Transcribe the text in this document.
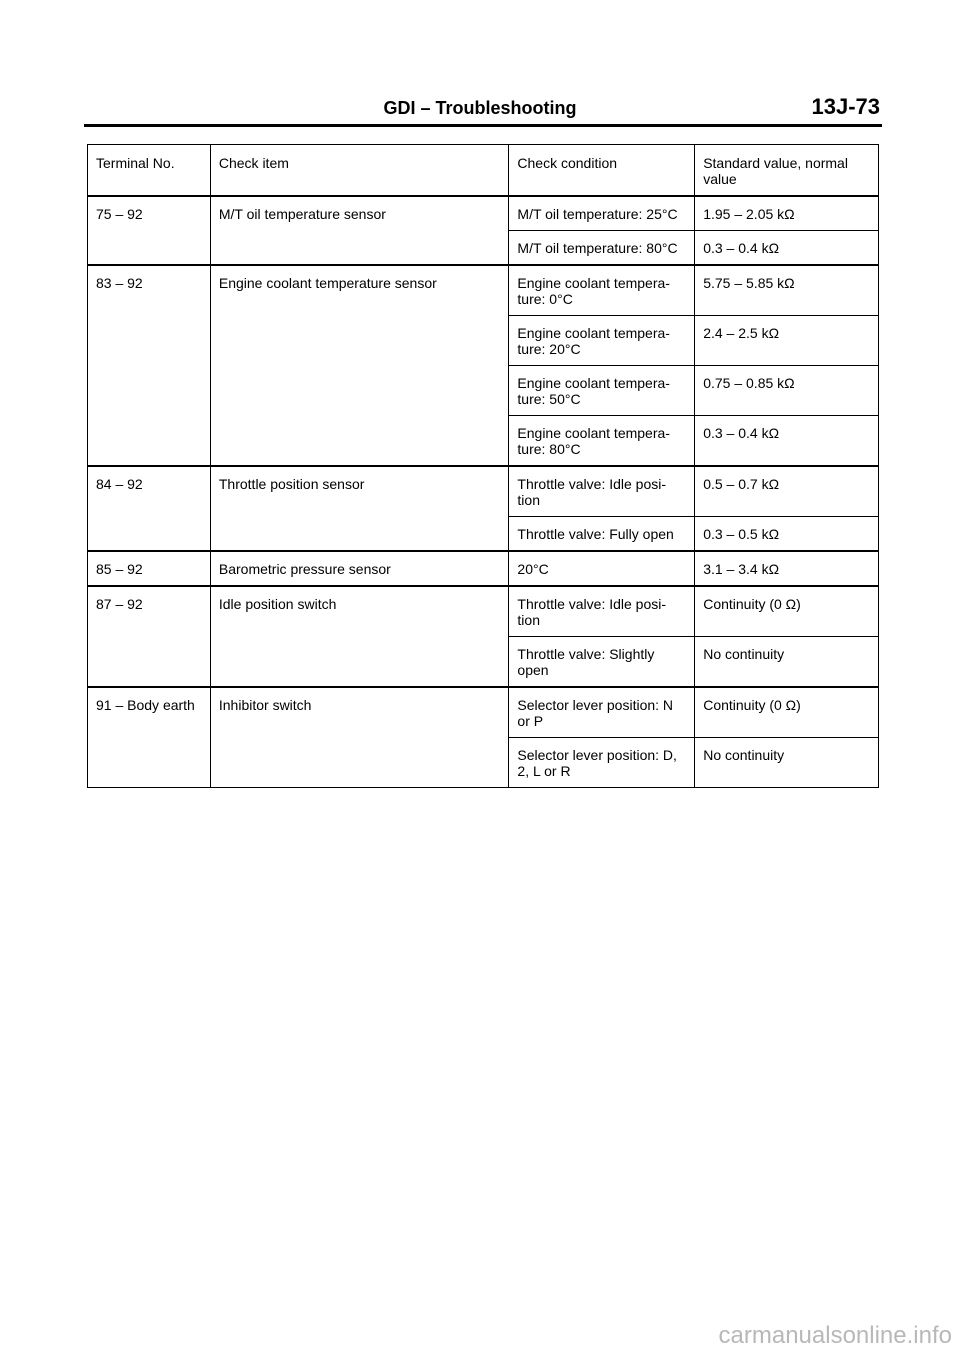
GDI – Troubleshooting	13J-73
Terminal No.	Check item	Check condition	Standard value, normal value
75 – 92	M/T oil temperature sensor	M/T oil temperature: 25°C	1.95 – 2.05 kΩ
		M/T oil temperature: 80°C	0.3 – 0.4 kΩ
83 – 92	Engine coolant temperature sensor	Engine coolant tempera- ture: 0°C	5.75 – 5.85 kΩ
		Engine coolant tempera- ture: 20°C	2.4 – 2.5 kΩ
		Engine coolant tempera- ture: 50°C	0.75 – 0.85 kΩ
		Engine coolant tempera- ture: 80°C	0.3 – 0.4 kΩ
84 – 92	Throttle position sensor	Throttle valve: Idle posi- tion	0.5 – 0.7 kΩ
		Throttle valve: Fully open	0.3 – 0.5 kΩ
85 – 92	Barometric pressure sensor	20°C	3.1 – 3.4 kΩ
87 – 92	Idle position switch	Throttle valve: Idle posi- tion	Continuity (0 Ω)
		Throttle valve: Slightly open	No continuity
91 – Body earth	Inhibitor switch	Selector lever position: N or P	Continuity (0 Ω)
		Selector lever position: D, 2, L or R	No continuity
carmanualsonline.info
